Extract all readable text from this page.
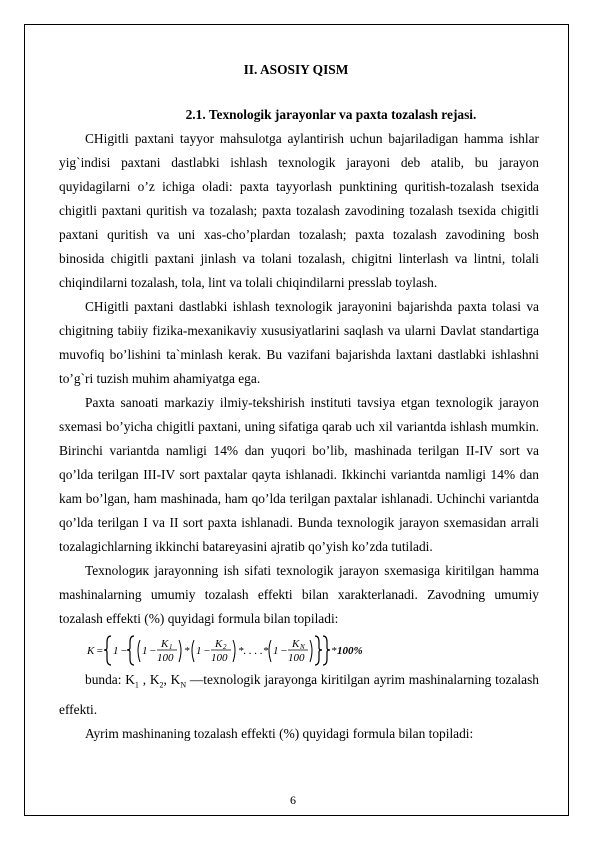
II. ASOSIY QISM

2.1. Texnologik jarayonlar va paxta tozalash rejasi.

CHigitli paxtani tayyor mahsulotga aylantirish uchun bajariladigan hamma ishlar yig`indisi paxtani dastlabki ishlash texnologik jarayoni deb atalib, bu jarayon quyidagilarni o’z ichiga oladi: paxta tayyorlash punktining quritish-tozalash tsexida chigitli paxtani quritish va tozalash; paxta tozalash zavodining tozalash tsexida chigitli paxtani quritish va uni xas-cho’plardan tozalash; paxta tozalash zavodining bosh binosida chigitli paxtani jinlash va tolani tozalash, chigitni linterlash va lintni, tolali chiqindilarni tozalash, tola, lint va tolali chiqindilarni presslab toylash.

CHigitli paxtani dastlabki ishlash texnologik jarayonini bajarishda paxta tolasi va chigitning tabiiy fizika-mexanikaviy xususiyatlarini saqlash va ularni Davlat standartiga muvofiq bo’lishini ta`minlash kerak. Bu vazifani bajarishda laxtani dastlabki ishlashni to’g`ri tuzish muhim ahamiyatga ega.

Paxta sanoati markaziy ilmiy-tekshirish instituti tavsiya etgan texnologik jarayon sxemasi bo’yicha chigitli paxtani, uning sifatiga qarab uch xil variantda ishlash mumkin. Birinchi variantda namligi 14% dan yuqori bo’lib, mashinada terilgan II-IV sort va qo’lda terilgan III-IV sort paxtalar qayta ishlanadi. Ikkinchi variantda namligi 14% dan kam bo’lgan, ham mashinada, ham qo’lda terilgan paxtalar ishlanadi. Uchinchi variantda qo’lda terilgan I va II sort paxta ishlanadi. Bunda texnologik jarayon sxemasidan arrali tozalagichlarning ikkinchi batareyasini ajratib qo’yish ko’zda tutiladi.

Texnologик jarayonning ish sifati texnologik jarayon sxemasiga kiritilgan hamma mashinalarning umumiy tozalash effekti bilan xarakterlanadi. Zavodning umumiy tozalash effekti (%) quyidagi formula bilan topiladi:

K = 1 − 1 −
K 1
100
* 1 −
K 2
100
*. . . .* 1 −
K N
100
* 100%

bunda: $K_1$ , $K_2$, $K_N$ —texnologik jarayonga kiritilgan ayrim mashinalarning tozalash effekti.

Ayrim mashinaning tozalash effekti (%) quyidagi formula bilan topiladi:

6
